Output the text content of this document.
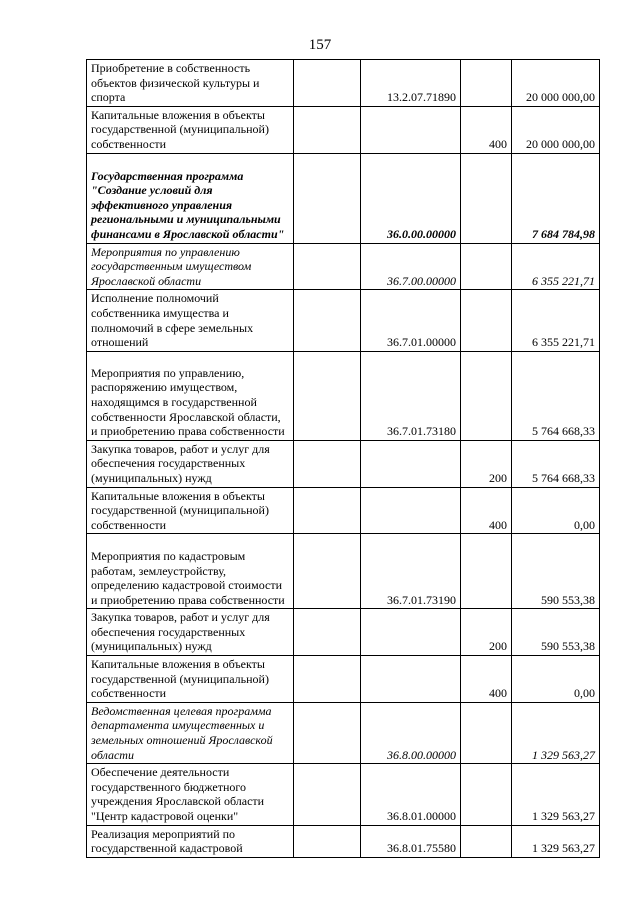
157
Приобретение в собственность объектов физической культуры и спорта		13.2.07.71890		20 000 000,00
Капитальные вложения в объекты государственной (муниципальной) собственности			400	20 000 000,00
Государственная программа "Создание условий для эффективного управления региональными и муниципальными финансами в Ярославской области"		36.0.00.00000		7 684 784,98
Мероприятия по управлению государственным имуществом Ярославской области		36.7.00.00000		6 355 221,71
Исполнение полномочий собственника имущества и полномочий в сфере земельных отношений		36.7.01.00000		6 355 221,71
Мероприятия по управлению, распоряжению имуществом, находящимся в государственной собственности Ярославской области, и приобретению права собственности		36.7.01.73180		5 764 668,33
Закупка товаров, работ и услуг для обеспечения государственных (муниципальных) нужд			200	5 764 668,33
Капитальные вложения в объекты государственной (муниципальной) собственности			400	0,00
Мероприятия по кадастровым работам, землеустройству, определению кадастровой стоимости и приобретению права собственности		36.7.01.73190		590 553,38
Закупка товаров, работ и услуг для обеспечения государственных (муниципальных) нужд			200	590 553,38
Капитальные вложения в объекты государственной (муниципальной) собственности			400	0,00
Ведомственная целевая программа департамента имущественных и земельных отношений Ярославской области		36.8.00.00000		1 329 563,27
Обеспечение деятельности государственного бюджетного учреждения Ярославской области "Центр кадастровой оценки"		36.8.01.00000		1 329 563,27
Реализация мероприятий по государственной кадастровой		36.8.01.75580		1 329 563,27
